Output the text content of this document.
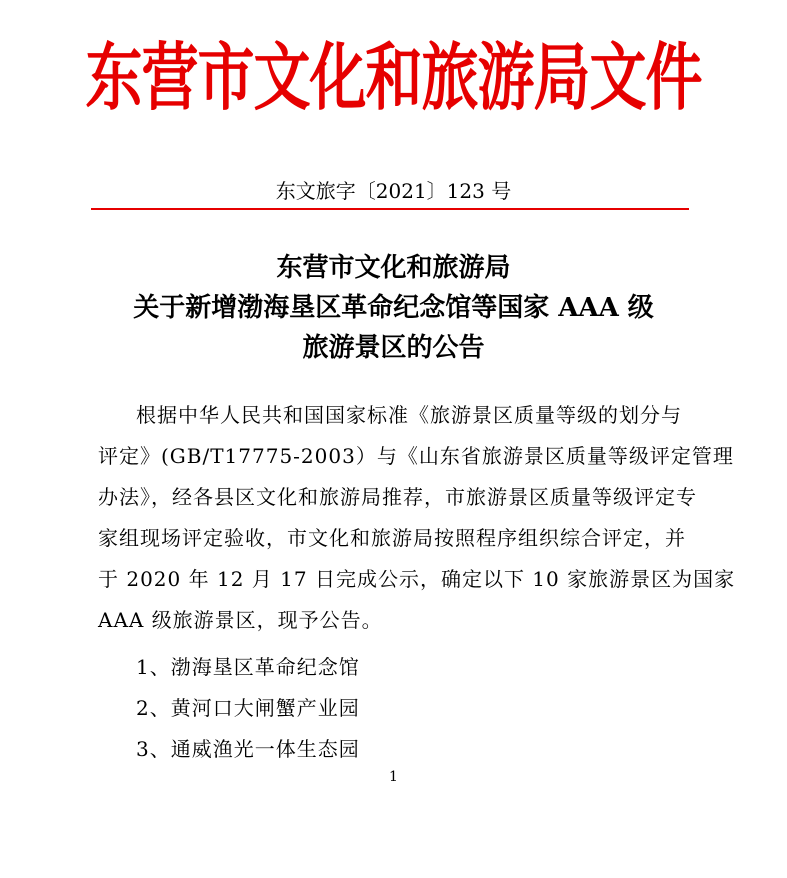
东营市文化和旅游局文件
东文旅字〔2021〕123 号
东营市文化和旅游局
关于新增渤海垦区革命纪念馆等国家 AAA 级
旅游景区的公告
根据中华人民共和国国家标准《旅游景区质量等级的划分与
评定》(GB/T17775-2003）与《山东省旅游景区质量等级评定管理
办法》，经各县区文化和旅游局推荐，市旅游景区质量等级评定专
家组现场评定验收，市文化和旅游局按照程序组织综合评定，并
于 2020 年 12 月 17 日完成公示，确定以下 10 家旅游景区为国家
AAA 级旅游景区，现予公告。
1、渤海垦区革命纪念馆
2、黄河口大闸蟹产业园
3、通威渔光一体生态园
1
